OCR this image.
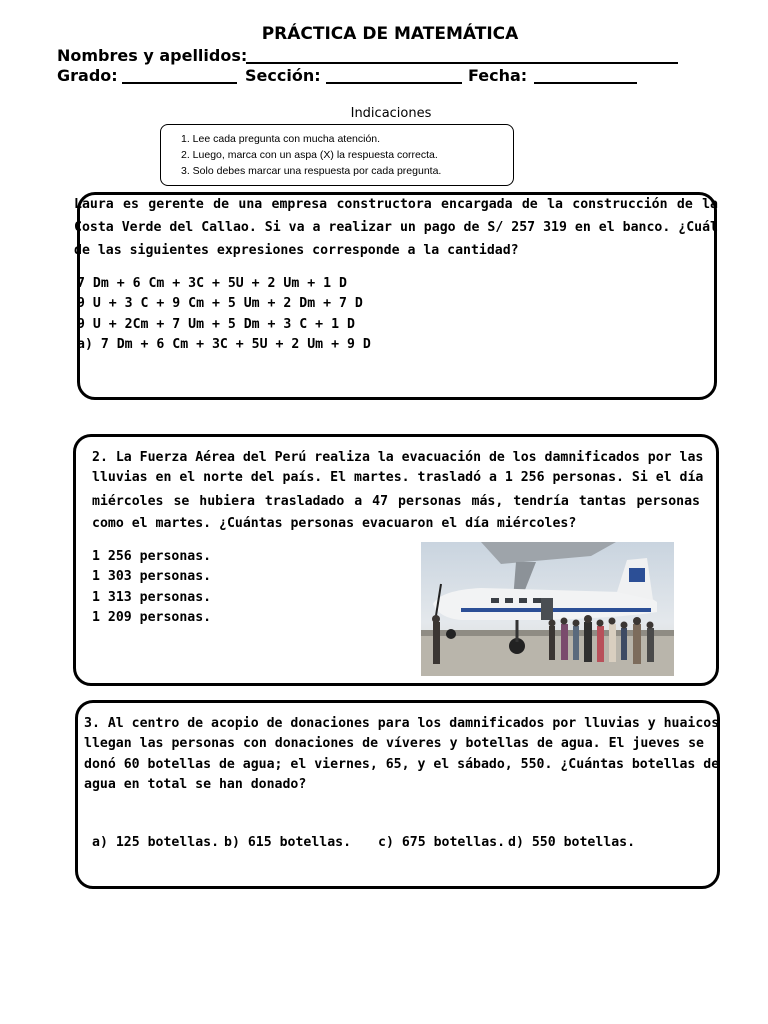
PRÁCTICA DE MATEMÁTICA
Nombres y apellidos:
Grado:	Sección:	Fecha:
Indicaciones
1. Lee cada pregunta con mucha atención.
2. Luego, marca con un aspa (X) la respuesta correcta.
3. Solo debes marcar una respuesta por cada pregunta.
Laura es gerente de una empresa constructora encargada de la construcción de la
Costa Verde del Callao. Si va a realizar un pago de S/ 257 319 en el banco. ¿Cuál
de las siguientes expresiones corresponde a la cantidad?
7 Dm + 6 Cm + 3C + 5U + 2 Um + 1 D
9 U + 3 C + 9 Cm + 5 Um + 2 Dm + 7 D
9 U + 2Cm + 7 Um + 5 Dm + 3 C + 1 D
a) 7 Dm + 6 Cm + 3C + 5U + 2 Um + 9 D
2. La Fuerza Aérea del Perú realiza la evacuación de los damnificados por las
lluvias en el norte del país. El martes. trasladó a 1 256 personas. Si el día
miércoles se hubiera trasladado a 47 personas más, tendría tantas personas
como el martes. ¿Cuántas personas evacuaron el día miércoles?
1 256 personas.
1 303 personas.
1 313 personas.
1 209 personas.
3. Al centro de acopio de donaciones para los damnificados por lluvias y huaicos
llegan las personas con donaciones de víveres y botellas de agua. El jueves se
donó 60 botellas de agua; el viernes, 65, y el sábado, 550. ¿Cuántas botellas de
agua en total se han donado?
a) 125 botellas. b) 615 botellas. c) 675 botellas. d) 550 botellas.
